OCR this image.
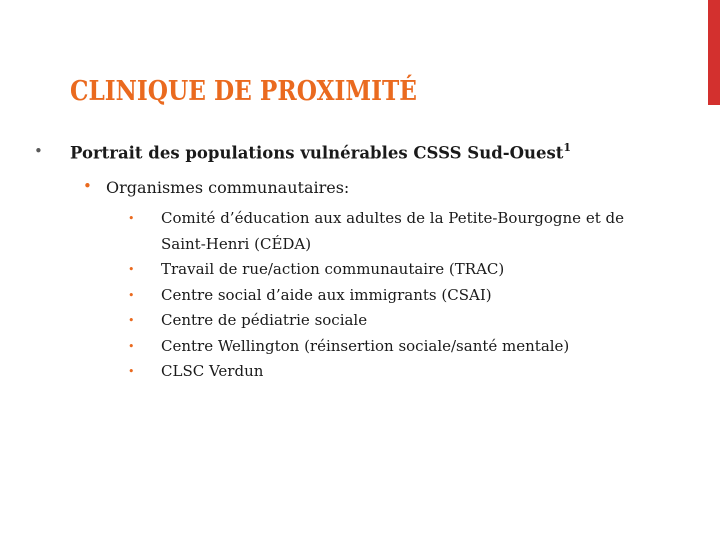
CLINIQUE DE PROXIMITÉ
• Portrait des populations vulnérables CSSS Sud-Ouest$^1$
• Organismes communautaires:
• Comité d’éducation aux adultes de la Petite-Bourgogne et de Saint-Henri (CÉDA)
• Travail de rue/action communautaire (TRAC)
• Centre social d’aide aux immigrants (CSAI)
• Centre de pédiatrie sociale
• Centre Wellington (réinsertion sociale/santé mentale)
• CLSC Verdun
